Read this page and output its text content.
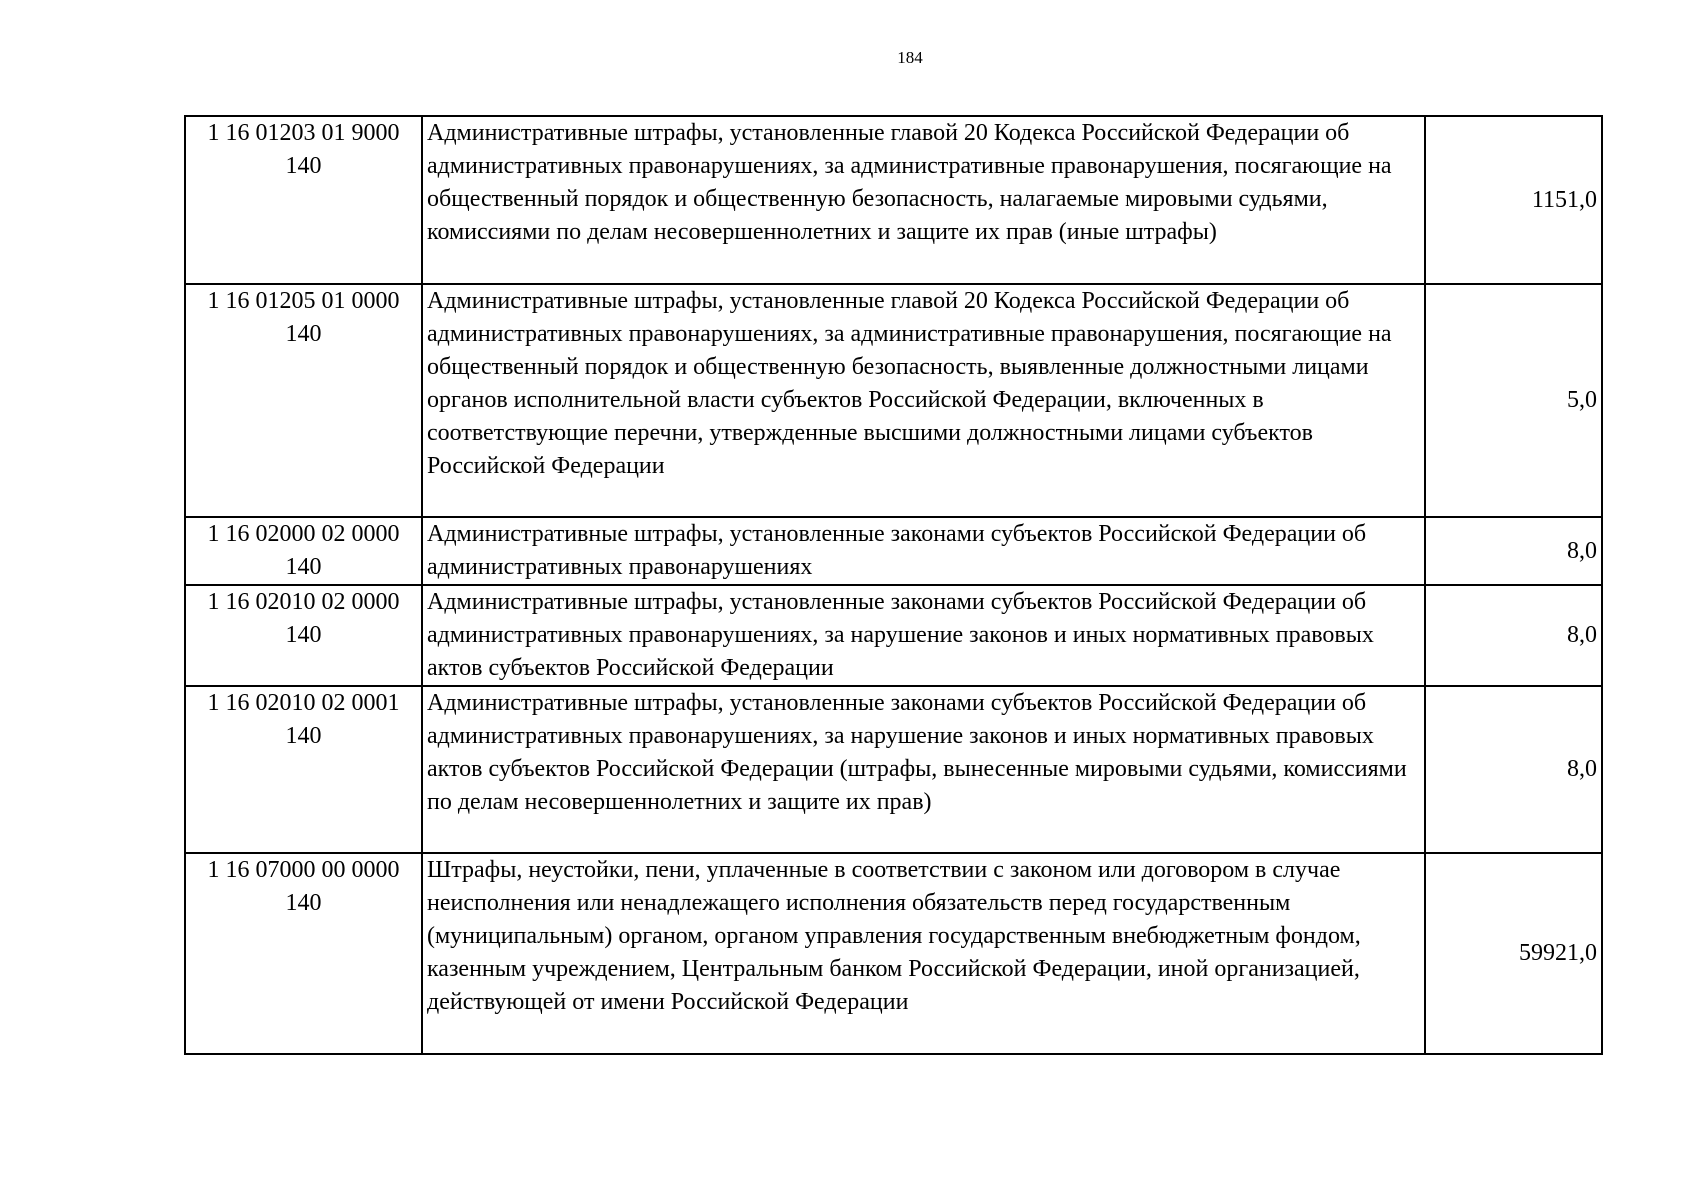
184
1 16 01203 01 9000
140	Административные штрафы, установленные главой 20 Кодекса Российской Федерации об административных правонарушениях, за административные правонарушения, посягающие на общественный порядок и общественную безопасность, налагаемые мировыми судьями, комиссиями по делам несовершеннолетних и защите их прав (иные штрафы)	1151,0

1 16 01205 01 0000
140	Административные штрафы, установленные главой 20 Кодекса Российской Федерации об административных правонарушениях, за административные правонарушения, посягающие на общественный порядок и общественную безопасность, выявленные должностными лицами органов исполнительной власти субъектов Российской Федерации, включенных в соответствующие перечни, утвержденные высшими должностными лицами субъектов Российской Федерации	5,0

1 16 02000 02 0000
140	Административные штрафы, установленные законами субъектов Российской Федерации об административных правонарушениях	8,0

1 16 02010 02 0000
140	Административные штрафы, установленные законами субъектов Российской Федерации об административных правонарушениях, за нарушение законов и иных нормативных правовых актов субъектов Российской Федерации	8,0

1 16 02010 02 0001
140	Административные штрафы, установленные законами субъектов Российской Федерации об административных правонарушениях, за нарушение законов и иных нормативных правовых актов субъектов Российской Федерации (штрафы, вынесенные мировыми судьями, комиссиями по делам несовершеннолетних и защите их прав)	8,0

1 16 07000 00 0000
140	Штрафы, неустойки, пени, уплаченные в соответствии с законом или договором в случае неисполнения или ненадлежащего исполнения обязательств перед государственным (муниципальным) органом, органом управления государственным внебюджетным фондом, казенным учреждением, Центральным банком Российской Федерации, иной организацией, действующей от имени Российской Федерации	59921,0
